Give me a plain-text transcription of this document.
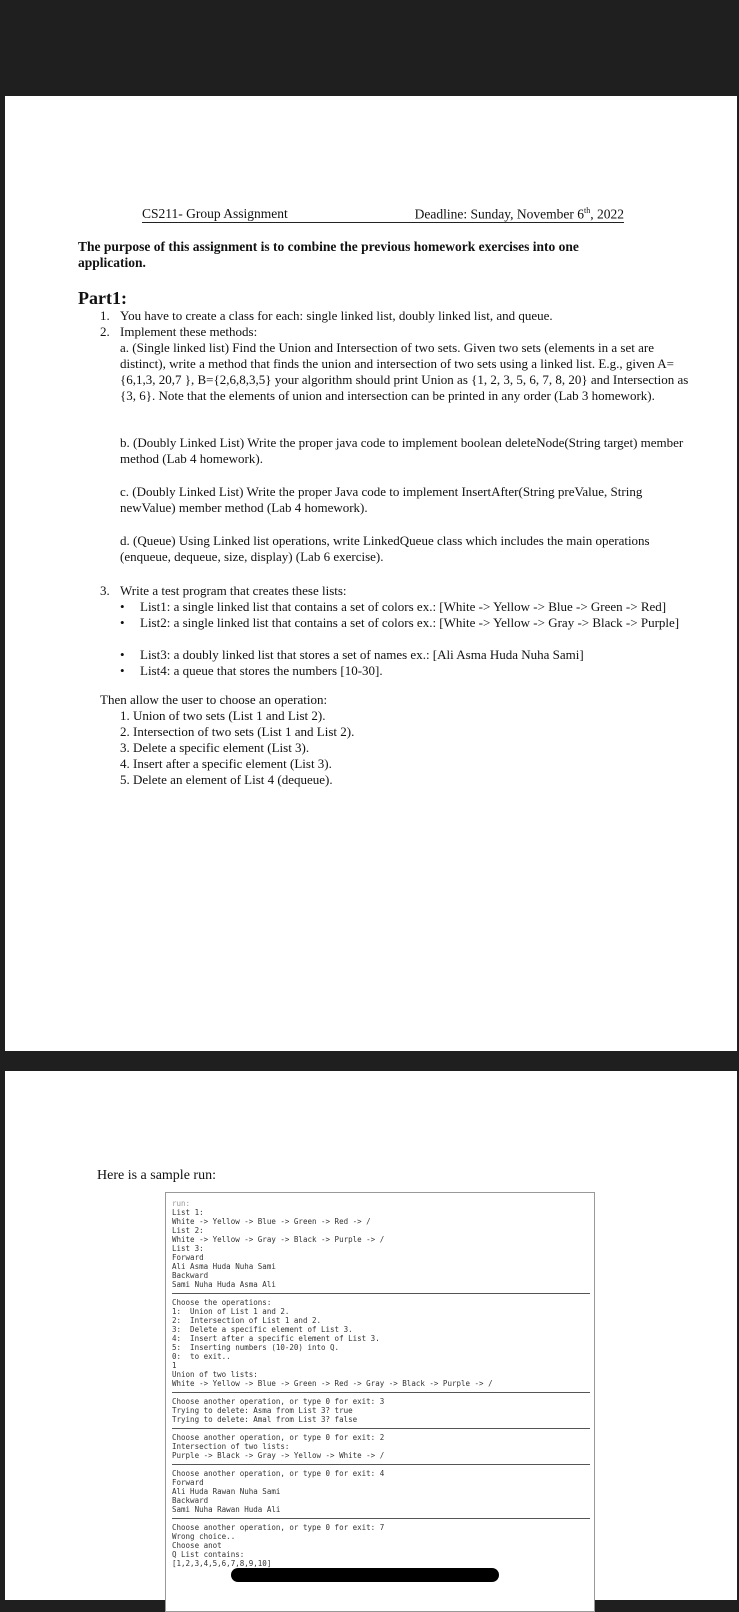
CS211- Group Assignment	Deadline: Sunday, November 6th, 2022
The purpose of this assignment is to combine the previous homework exercises into one application.
Part1:
1. You have to create a class for each: single linked list, doubly linked list, and queue.
2. Implement these methods:
a. (Single linked list) Find the Union and Intersection of two sets. Given two sets (elements in a set are distinct), write a method that finds the union and intersection of two sets using a linked list. E.g., given A= {6,1,3, 20,7 }, B={2,6,8,3,5} your algorithm should print Union as {1, 2, 3, 5, 6, 7, 8, 20} and Intersection as {3, 6}. Note that the elements of union and intersection can be printed in any order (Lab 3 homework).
b. (Doubly Linked List) Write the proper java code to implement boolean deleteNode(String target) member method (Lab 4 homework).
c. (Doubly Linked List) Write the proper Java code to implement InsertAfter(String preValue, String newValue) member method (Lab 4 homework).
d. (Queue) Using Linked list operations, write LinkedQueue class which includes the main operations (enqueue, dequeue, size, display) (Lab 6 exercise).
3. Write a test program that creates these lists:
• List1: a single linked list that contains a set of colors ex.: [White -> Yellow -> Blue -> Green -> Red]
• List2: a single linked list that contains a set of colors ex.: [White -> Yellow -> Gray -> Black -> Purple]
• List3: a doubly linked list that stores a set of names ex.: [Ali Asma Huda Nuha Sami]
• List4: a queue that stores the numbers [10-30].
Then allow the user to choose an operation:
1. Union of two sets (List 1 and List 2).
2. Intersection of two sets (List 1 and List 2).
3. Delete a specific element (List 3).
4. Insert after a specific element (List 3).
5. Delete an element of List 4 (dequeue).
Here is a sample run:
run:
List 1:
White -> Yellow -> Blue -> Green -> Red -> /
List 2:
White -> Yellow -> Gray -> Black -> Purple -> /
List 3:
Forward
Ali Asma Huda Nuha Sami
Backward
Sami Nuha Huda Asma Ali
Choose the operations:
1:  Union of List 1 and 2.
2:  Intersection of List 1 and 2.
3:  Delete a specific element of List 3.
4:  Insert after a specific element of List 3.
5:  Inserting numbers (10-20) into Q.
0:  to exit..
1
Union of two lists:
White -> Yellow -> Blue -> Green -> Red -> Gray -> Black -> Purple -> /
Choose another operation, or type 0 for exit: 3
Trying to delete: Asma from List 3? true
Trying to delete: Amal from List 3? false
Choose another operation, or type 0 for exit: 2
Intersection of two lists:
Purple -> Black -> Gray -> Yellow -> White -> /
Choose another operation, or type 0 for exit: 4
Forward
Ali Huda Rawan Nuha Sami
Backward
Sami Nuha Rawan Huda Ali
Choose another operation, or type 0 for exit: 7
Wrong choice..
Choose anot
Q List contains:
[1,2,3,4,5,6,7,8,9,10]
